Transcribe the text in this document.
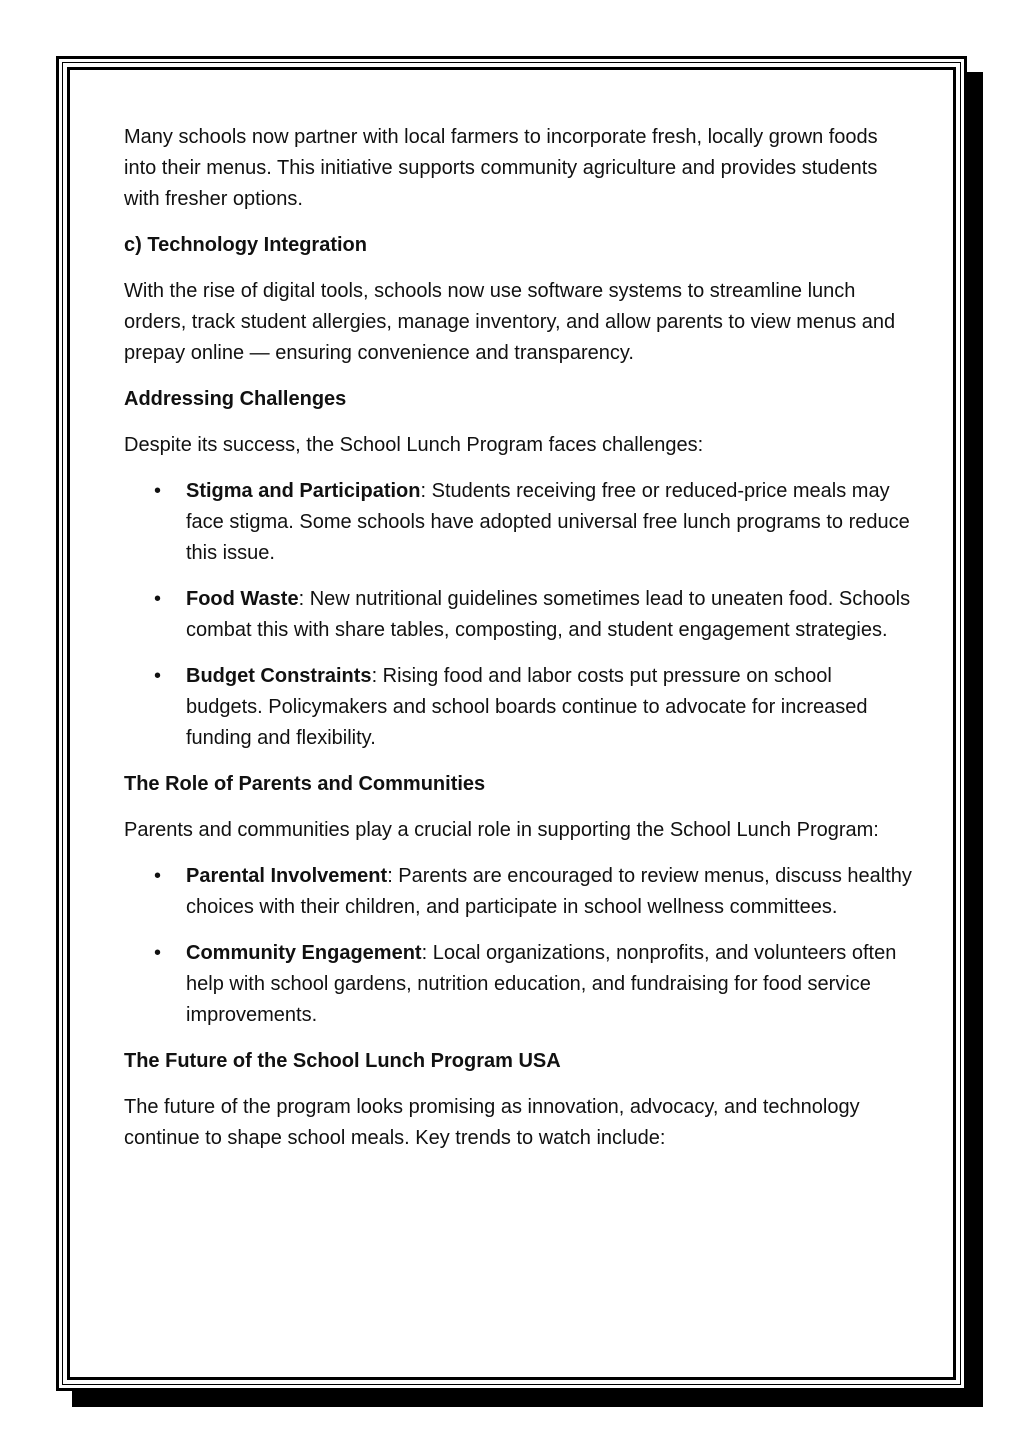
Many schools now partner with local farmers to incorporate fresh, locally grown foods into their menus. This initiative supports community agriculture and provides students with fresher options.

c) Technology Integration

With the rise of digital tools, schools now use software systems to streamline lunch orders, track student allergies, manage inventory, and allow parents to view menus and prepay online — ensuring convenience and transparency.

Addressing Challenges

Despite its success, the School Lunch Program faces challenges:

• Stigma and Participation: Students receiving free or reduced-price meals may face stigma. Some schools have adopted universal free lunch programs to reduce this issue.
• Food Waste: New nutritional guidelines sometimes lead to uneaten food. Schools combat this with share tables, composting, and student engagement strategies.
• Budget Constraints: Rising food and labor costs put pressure on school budgets. Policymakers and school boards continue to advocate for increased funding and flexibility.
The Role of Parents and Communities

Parents and communities play a crucial role in supporting the School Lunch Program:

• Parental Involvement: Parents are encouraged to review menus, discuss healthy choices with their children, and participate in school wellness committees.
• Community Engagement: Local organizations, nonprofits, and volunteers often help with school gardens, nutrition education, and fundraising for food service improvements.
The Future of the School Lunch Program USA

The future of the program looks promising as innovation, advocacy, and technology continue to shape school meals. Key trends to watch include:
